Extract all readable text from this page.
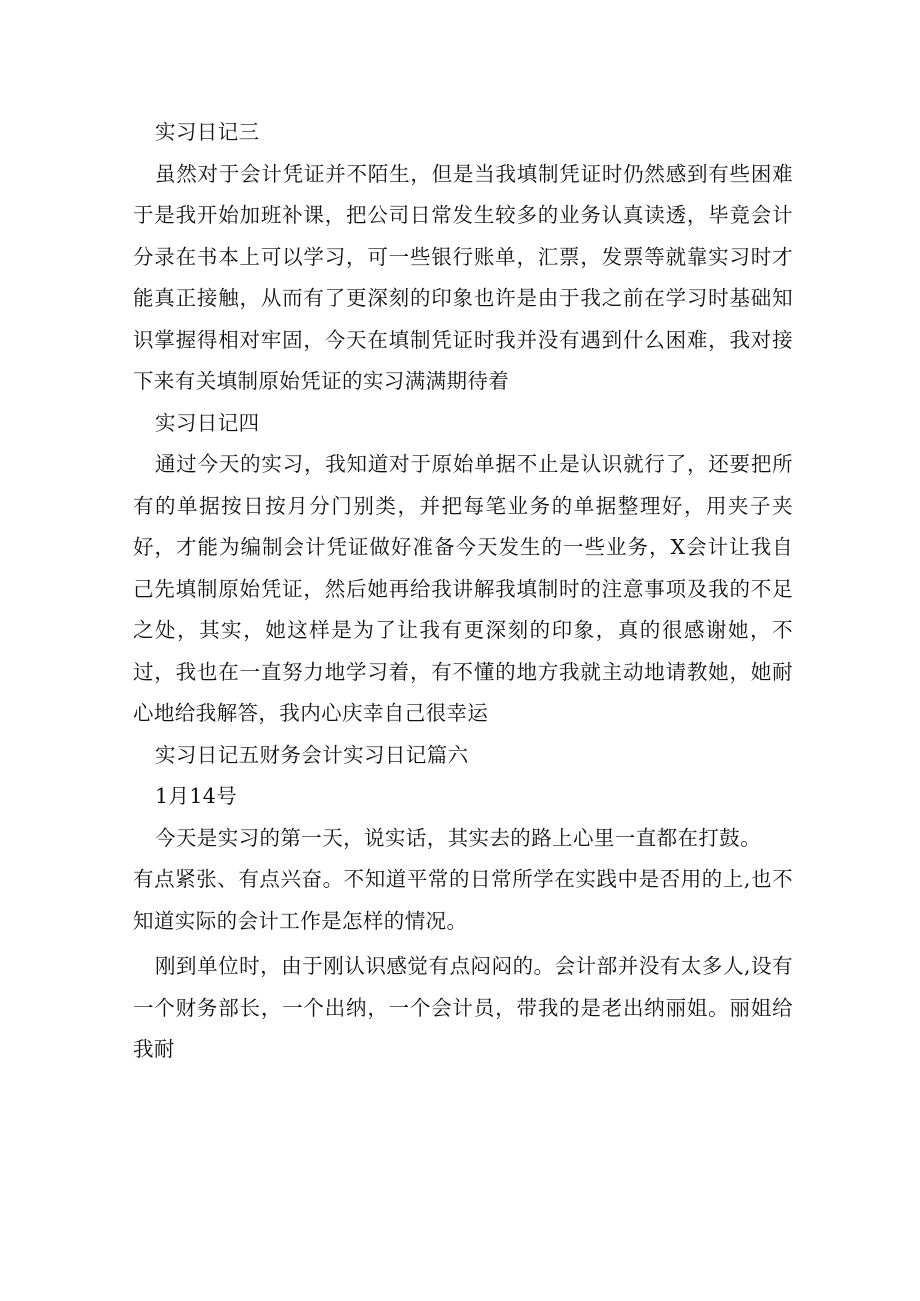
实习日记三

虽然对于会计凭证并不陌生，但是当我填制凭证时仍然感到有些困难于是我开始加班补课，把公司日常发生较多的业务认真读透，毕竟会计分录在书本上可以学习，可一些银行账单，汇票，发票等就靠实习时才能真正接触，从而有了更深刻的印象也许是由于我之前在学习时基础知识掌握得相对牢固，今天在填制凭证时我并没有遇到什么困难，我对接下来有关填制原始凭证的实习满满期待着

实习日记四

通过今天的实习，我知道对于原始单据不止是认识就行了，还要把所有的单据按日按月分门别类，并把每笔业务的单据整理好，用夹子夹好，才能为编制会计凭证做好准备今天发生的一些业务，X会计让我自己先填制原始凭证，然后她再给我讲解我填制时的注意事项及我的不足之处，其实，她这样是为了让我有更深刻的印象，真的很感谢她，不过，我也在一直努力地学习着，有不懂的地方我就主动地请教她，她耐心地给我解答，我内心庆幸自己很幸运

实习日记五财务会计实习日记篇六

1月14号

今天是实习的第一天，说实话，其实去的路上心里一直都在打鼓。

有点紧张、有点兴奋。不知道平常的日常所学在实践中是否用的上,也不知道实际的会计工作是怎样的情况。

刚到单位时，由于刚认识感觉有点闷闷的。会计部并没有太多人,设有一个财务部长，一个出纳，一个会计员，带我的是老出纳丽姐。丽姐给我耐
